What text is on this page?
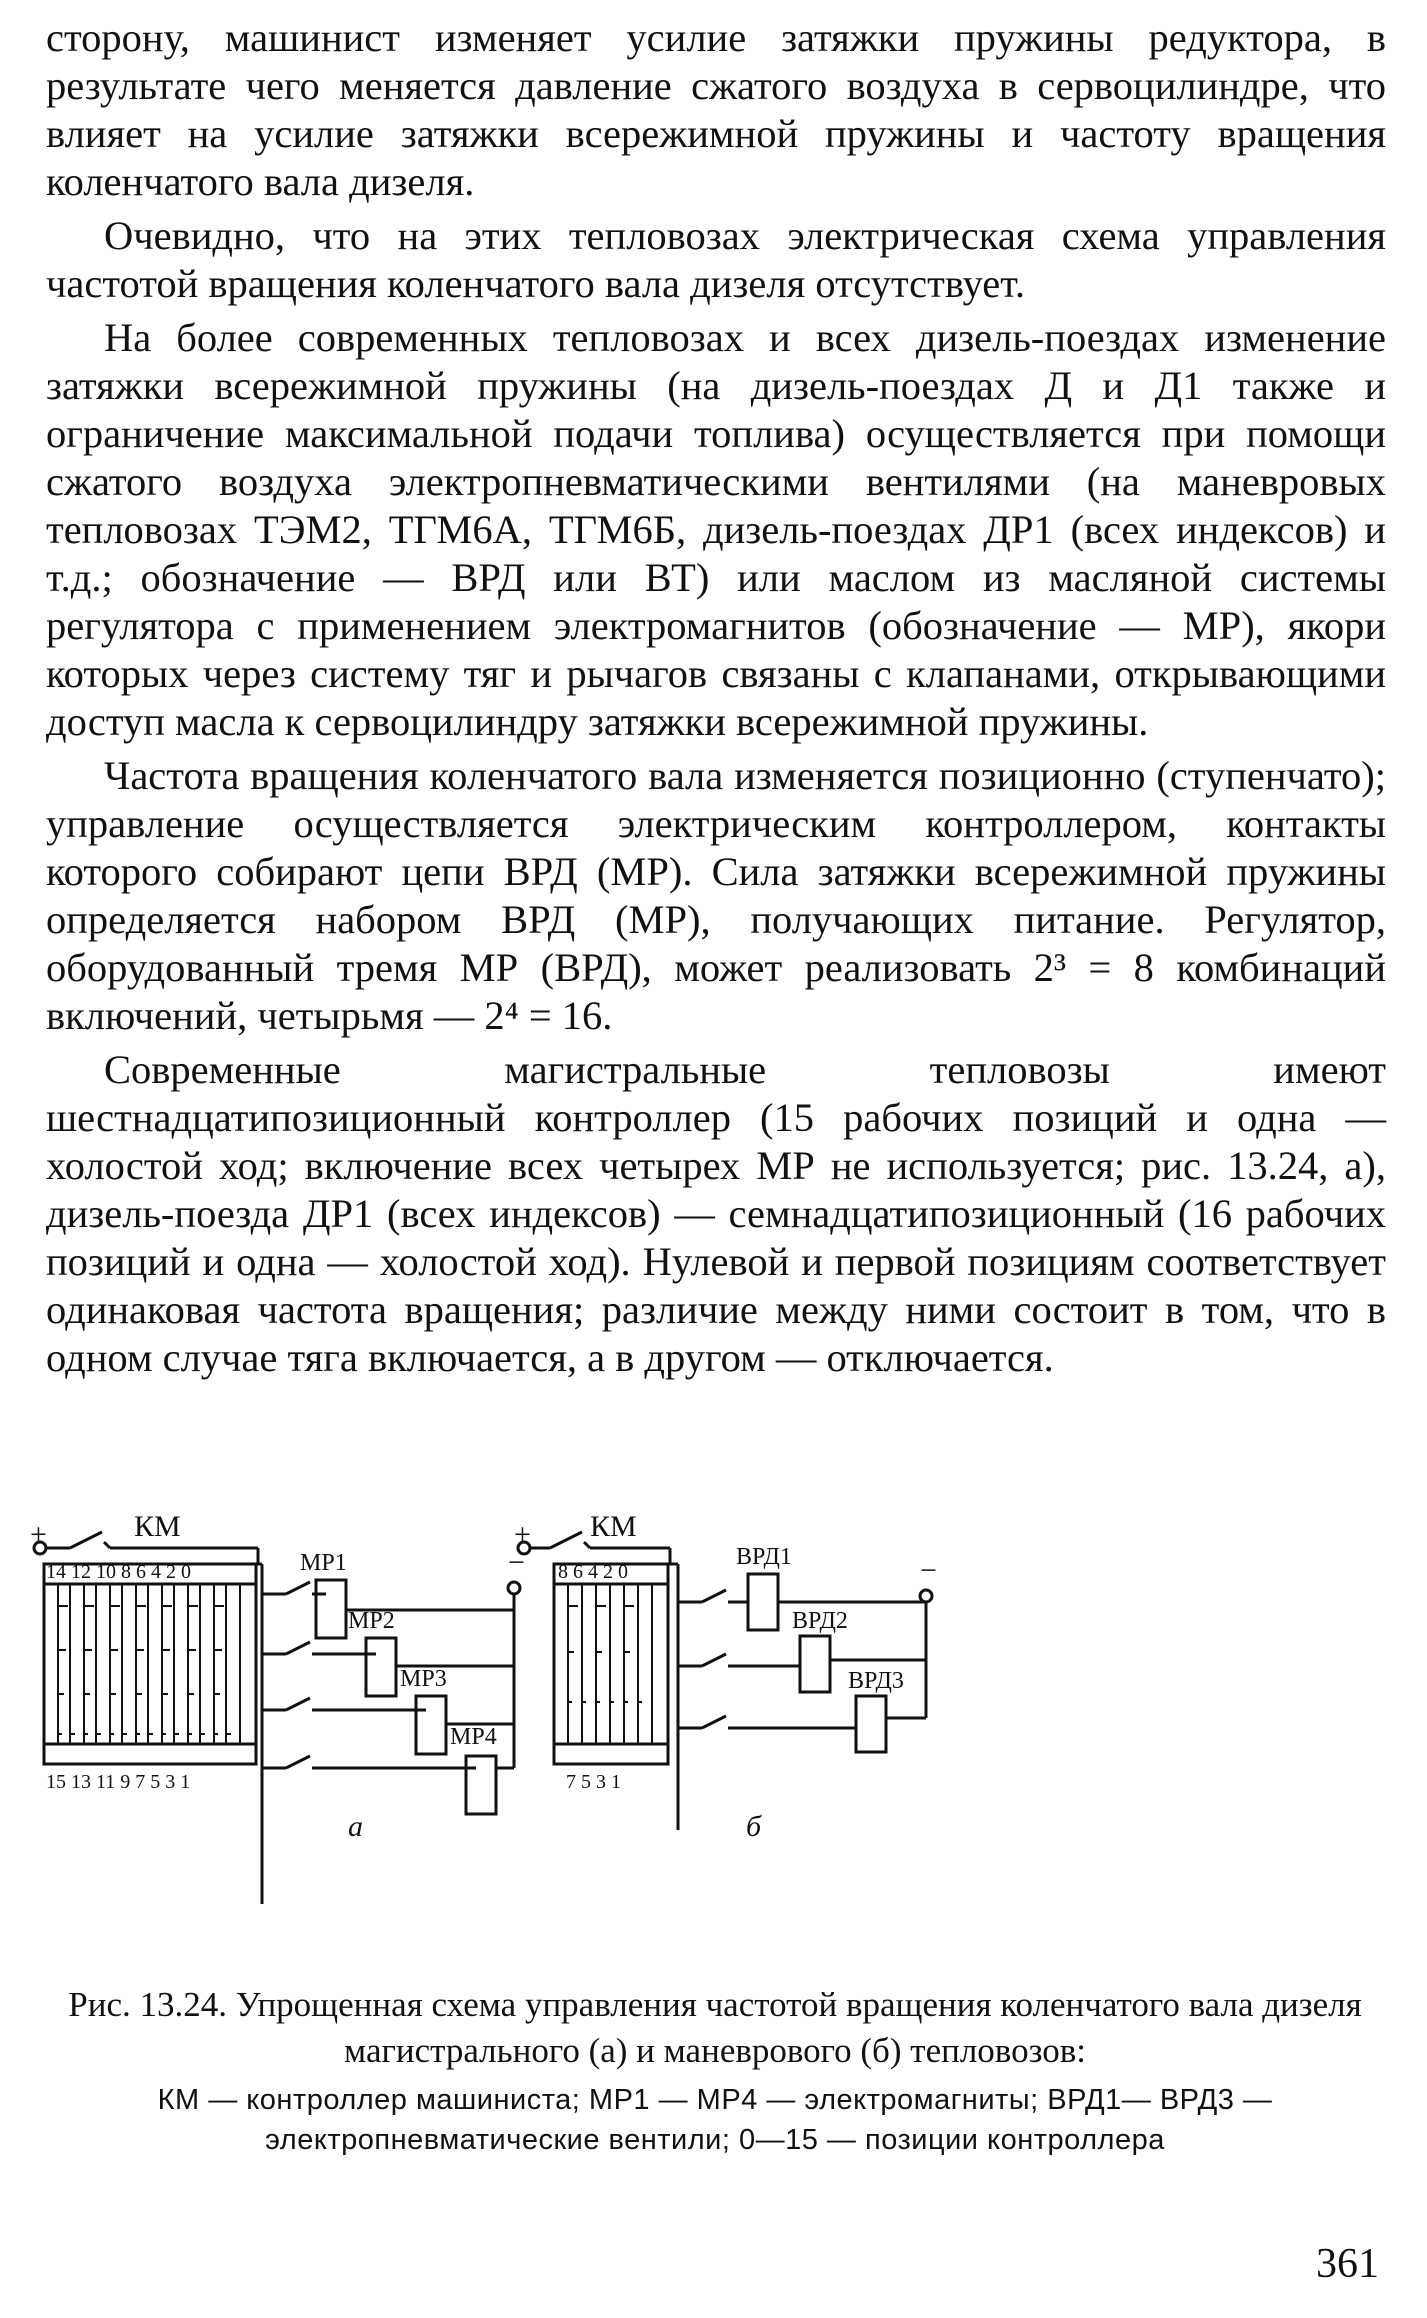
сторону, машинист изменяет усилие затяжки пружины редуктора, в результате чего меняется давление сжатого воздуха в сервоцилиндре, что влияет на усилие затяжки всережимной пружины и частоту вращения коленчатого вала дизеля.

Очевидно, что на этих тепловозах электрическая схема управления частотой вращения коленчатого вала дизеля отсутствует.

На более современных тепловозах и всех дизель-поездах изменение затяжки всережимной пружины (на дизель-поездах Д и Д1 также и ограничение максимальной подачи топлива) осуществляется при помощи сжатого воздуха электропневматическими вентилями (на маневровых тепловозах ТЭМ2, ТГМ6А, ТГМ6Б, дизель-поездах ДР1 (всех индексов) и т.д.; обозначение — ВРД или ВТ) или маслом из масляной системы регулятора с применением электромагнитов (обозначение — МР), якори которых через систему тяг и рычагов связаны с клапанами, открывающими доступ масла к сервоцилиндру затяжки всережимной пружины.

Частота вращения коленчатого вала изменяется позиционно (ступенчато); управление осуществляется электрическим контроллером, контакты которого собирают цепи ВРД (МР). Сила затяжки всережимной пружины определяется набором ВРД (МР), получающих питание. Регулятор, оборудованный тремя МР (ВРД), может реализовать 2³ = 8 комбинаций включений, четырьмя — 2⁴ = 16.

Современные магистральные тепловозы имеют шестнадцатипозиционный контроллер (15 рабочих позиций и одна — холостой ход; включение всех четырех МР не используется; рис. 13.24, а), дизель-поезда ДР1 (всех индексов) — семнадцатипозиционный (16 рабочих позиций и одна — холостой ход). Нулевой и первой позициям соответствует одинаковая частота вращения; различие между ними состоит в том, что в одном случае тяга включается, а в другом — отключается.

+	КМ
14 12 10 8 6 4 2 0
15 13 11 9 7 5 3 1
МР1
МР2
МР3
МР4
−
а
+ КМ
8 6 4 2 0
7 5 3 1
ВРД1
ВРД2
ВРД3
−
б
Рис. 13.24. Упрощенная схема управления частотой вращения коленчатого вала дизеля магистрального (а) и маневрового (б) тепловозов:
КМ — контроллер машиниста; МР1 — МР4 — электромагниты; ВРД1— ВРД3 — электропневматические вентили; 0—15 — позиции контроллера
361
